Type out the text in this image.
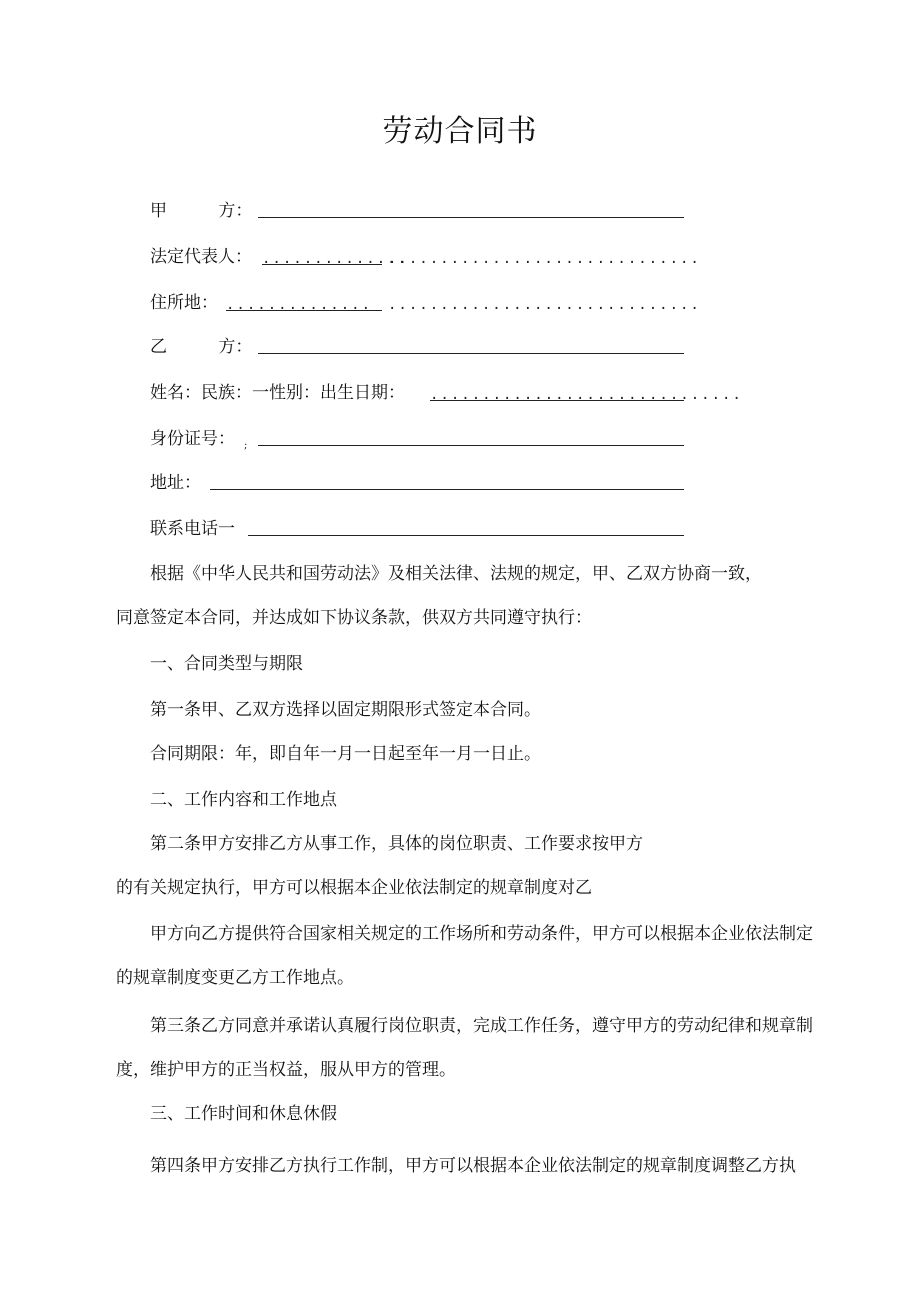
劳动合同书
甲	方：
法定代表人： ..............
..............................
住所地： ..............	..............................
乙	方：
姓名：民族：一性别：出生日期： ..............................
身份证号： ;
地址：
联系电话一

根据《中华人民共和国劳动法》及相关法律、法规的规定，甲、乙双方协商一致，

同意签定本合同，并达成如下协议条款，供双方共同遵守执行：

一、合同类型与期限

第一条甲、乙双方选择以固定期限形式签定本合同。

合同期限：年，即自年一月一日起至年一月一日止。

二、工作内容和工作地点

第二条甲方安排乙方从事工作，具体的岗位职责、工作要求按甲方

的有关规定执行，甲方可以根据本企业依法制定的规章制度对乙

甲方向乙方提供符合国家相关规定的工作场所和劳动条件，甲方可以根据本企业依法制定

的规章制度变更乙方工作地点。

第三条乙方同意并承诺认真履行岗位职责，完成工作任务，遵守甲方的劳动纪律和规章制

度，维护甲方的正当权益，服从甲方的管理。

三、工作时间和休息休假

第四条甲方安排乙方执行工作制，甲方可以根据本企业依法制定的规章制度调整乙方执
